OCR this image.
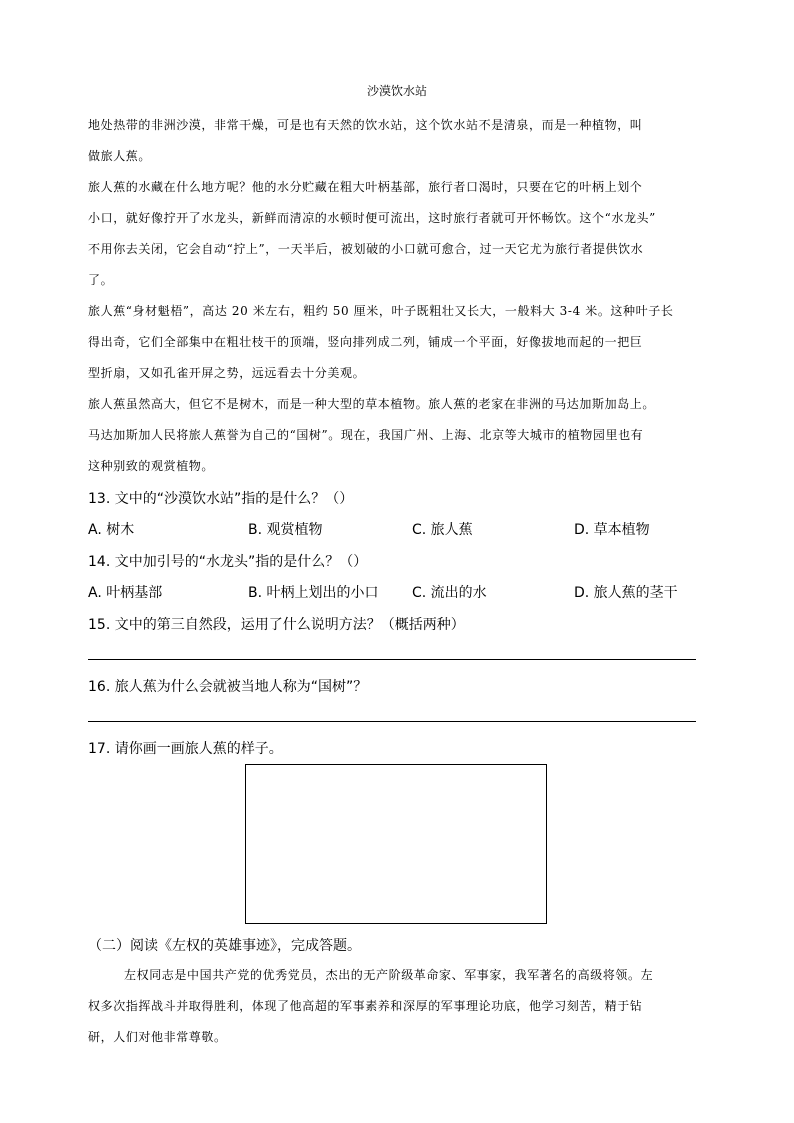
沙漠饮水站
地处热带的非洲沙漠，非常干燥，可是也有天然的饮水站，这个饮水站不是清泉，而是一种植物，叫
做旅人蕉。
旅人蕉的水藏在什么地方呢？他的水分贮藏在粗大叶柄基部，旅行者口渴时，只要在它的叶柄上划个
小口，就好像拧开了水龙头，新鲜而清凉的水顿时便可流出，这时旅行者就可开怀畅饮。这个“水龙头”
不用你去关闭，它会自动“拧上”，一天半后，被划破的小口就可愈合，过一天它尤为旅行者提供饮水
了。
旅人蕉“身材魁梧”，高达 20 米左右，粗约 50 厘米，叶子既粗壮又长大，一般料大 3-4 米。这种叶子长
得出奇，它们全部集中在粗壮枝干的顶端，竖向排列成二列，铺成一个平面，好像拔地而起的一把巨
型折扇，又如孔雀开屏之势，远远看去十分美观。
旅人蕉虽然高大，但它不是树木，而是一种大型的草本植物。旅人蕉的老家在非洲的马达加斯加岛上。
马达加斯加人民将旅人蕉誉为自己的“国树”。现在，我国广州、上海、北京等大城市的植物园里也有
这种别致的观赏植物。
13. 文中的“沙漠饮水站”指的是什么？（）
A. 树木	B. 观赏植物	C. 旅人蕉	D. 草本植物
14. 文中加引号的“水龙头”指的是什么？（）
A. 叶柄基部	B. 叶柄上划出的小口 C. 流出的水	D. 旅人蕉的茎干
15. 文中的第三自然段，运用了什么说明方法？（概括两种）
16. 旅人蕉为什么会就被当地人称为“国树”？
17. 请你画一画旅人蕉的样子。
（二）阅读《左权的英雄事迹》，完成答题。
左权同志是中国共产党的优秀党员，杰出的无产阶级革命家、军事家，我军著名的高级将领。左
权多次指挥战斗并取得胜利，体现了他高超的军事素养和深厚的军事理论功底，他学习刻苦，精于钻
研，人们对他非常尊敬。
